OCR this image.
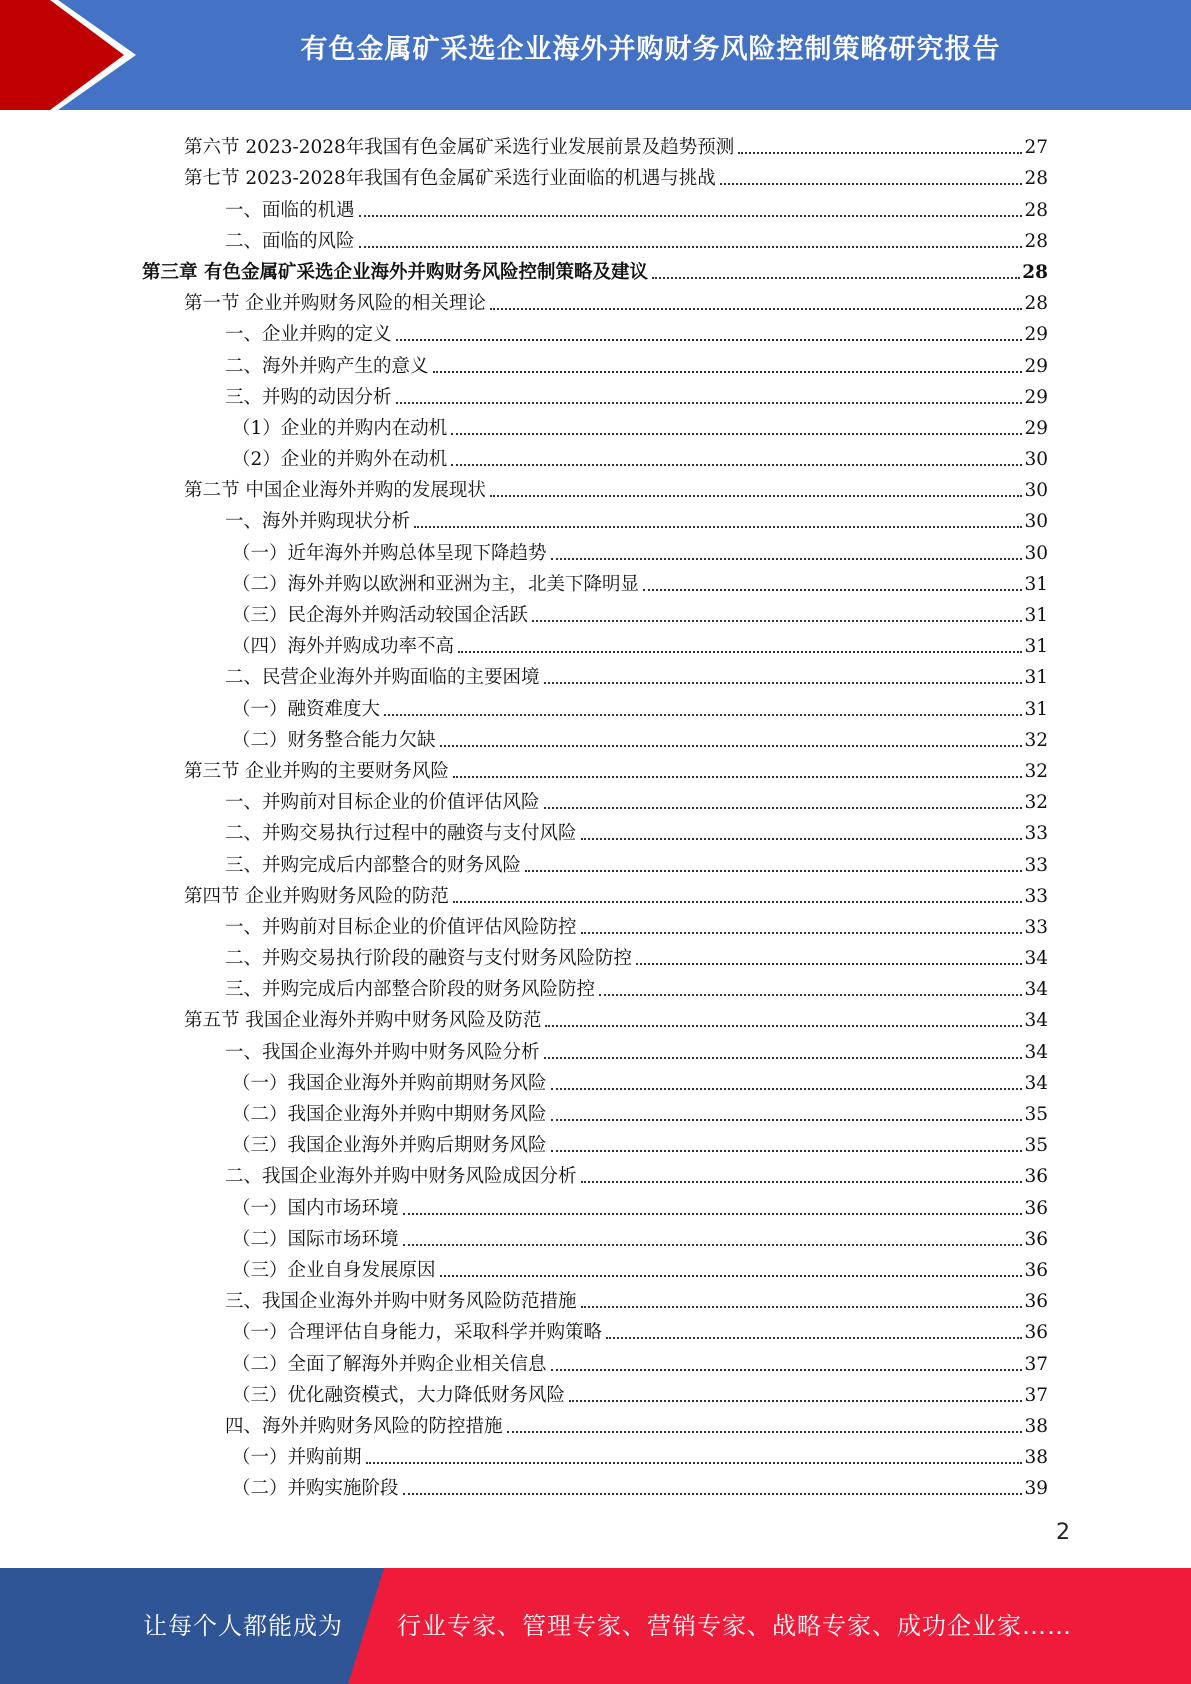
有色金属矿采选企业海外并购财务风险控制策略研究报告
第六节 2023-2028年我国有色金属矿采选行业发展前景及趋势预测	27
第七节 2023-2028年我国有色金属矿采选行业面临的机遇与挑战	28
一、面临的机遇	28
二、面临的风险	28
第三章 有色金属矿采选企业海外并购财务风险控制策略及建议	28
第一节 企业并购财务风险的相关理论	28
一、企业并购的定义	29
二、海外并购产生的意义	29
三、并购的动因分析	29
（1）企业的并购内在动机	29
（2）企业的并购外在动机	30
第二节 中国企业海外并购的发展现状	30
一、海外并购现状分析	30
（一）近年海外并购总体呈现下降趋势	30
（二）海外并购以欧洲和亚洲为主，北美下降明显	31
（三）民企海外并购活动较国企活跃	31
（四）海外并购成功率不高	31
二、民营企业海外并购面临的主要困境	31
（一）融资难度大	31
（二）财务整合能力欠缺	32
第三节 企业并购的主要财务风险	32
一、并购前对目标企业的价值评估风险	32
二、并购交易执行过程中的融资与支付风险	33
三、并购完成后内部整合的财务风险	33
第四节 企业并购财务风险的防范	33
一、并购前对目标企业的价值评估风险防控	33
二、并购交易执行阶段的融资与支付财务风险防控	34
三、并购完成后内部整合阶段的财务风险防控	34
第五节 我国企业海外并购中财务风险及防范	34
一、我国企业海外并购中财务风险分析	34
（一）我国企业海外并购前期财务风险	34
（二）我国企业海外并购中期财务风险	35
（三）我国企业海外并购后期财务风险	35
二、我国企业海外并购中财务风险成因分析	36
（一）国内市场环境	36
（二）国际市场环境	36
（三）企业自身发展原因	36
三、我国企业海外并购中财务风险防范措施	36
（一）合理评估自身能力，采取科学并购策略	36
（二）全面了解海外并购企业相关信息	37
（三）优化融资模式，大力降低财务风险	37
四、海外并购财务风险的防控措施	38
（一）并购前期	38
（二）并购实施阶段	39
2
让每个人都能成为 行业专家、管理专家、营销专家、战略专家、成功企业家……
